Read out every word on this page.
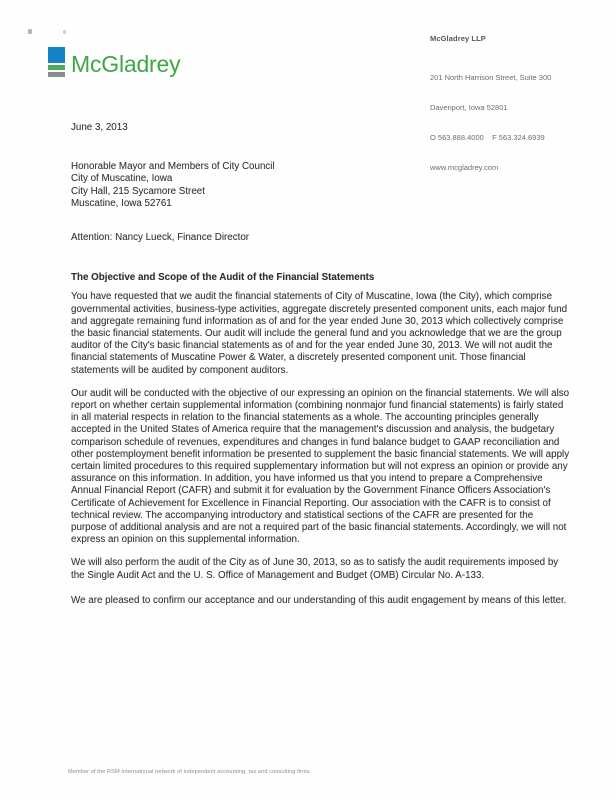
McGladrey

McGladrey LLP

201 North Harrison Street, Suite 300

Davenport, Iowa 52801

O 563.888.4000    F 563.324.6939

www.mcgladrey.com

June 3, 2013
Honorable Mayor and Members of City Council
City of Muscatine, Iowa
City Hall, 215 Sycamore Street
Muscatine, Iowa 52761
Attention: Nancy Lueck, Finance Director
The Objective and Scope of the Audit of the Financial Statements

You have requested that we audit the financial statements of City of Muscatine, Iowa (the City), which comprise governmental activities, business-type activities, aggregate discretely presented component units, each major fund and aggregate remaining fund information as of and for the year ended June 30, 2013 which collectively comprise the basic financial statements. Our audit will include the general fund and you acknowledge that we are the group auditor of the City's basic financial statements as of and for the year ended June 30, 2013. We will not audit the financial statements of Muscatine Power & Water, a discretely presented component unit. Those financial statements will be audited by component auditors.

Our audit will be conducted with the objective of our expressing an opinion on the financial statements. We will also report on whether certain supplemental information (combining nonmajor fund financial statements) is fairly stated in all material respects in relation to the financial statements as a whole. The accounting principles generally accepted in the United States of America require that the management's discussion and analysis, the budgetary comparison schedule of revenues, expenditures and changes in fund balance budget to GAAP reconciliation and other postemployment benefit information be presented to supplement the basic financial statements. We will apply certain limited procedures to this required supplementary information but will not express an opinion or provide any assurance on this information. In addition, you have informed us that you intend to prepare a Comprehensive Annual Financial Report (CAFR) and submit it for evaluation by the Government Finance Officers Association's Certificate of Achievement for Excellence in Financial Reporting. Our association with the CAFR is to consist of technical review. The accompanying introductory and statistical sections of the CAFR are presented for the purpose of additional analysis and are not a required part of the basic financial statements. Accordingly, we will not express an opinion on this supplemental information.

We will also perform the audit of the City as of June 30, 2013, so as to satisfy the audit requirements imposed by the Single Audit Act and the U. S. Office of Management and Budget (OMB) Circular No. A-133.

We are pleased to confirm our acceptance and our understanding of this audit engagement by means of this letter.

Member of the RSM International network of independent accounting, tax and consulting firms.
